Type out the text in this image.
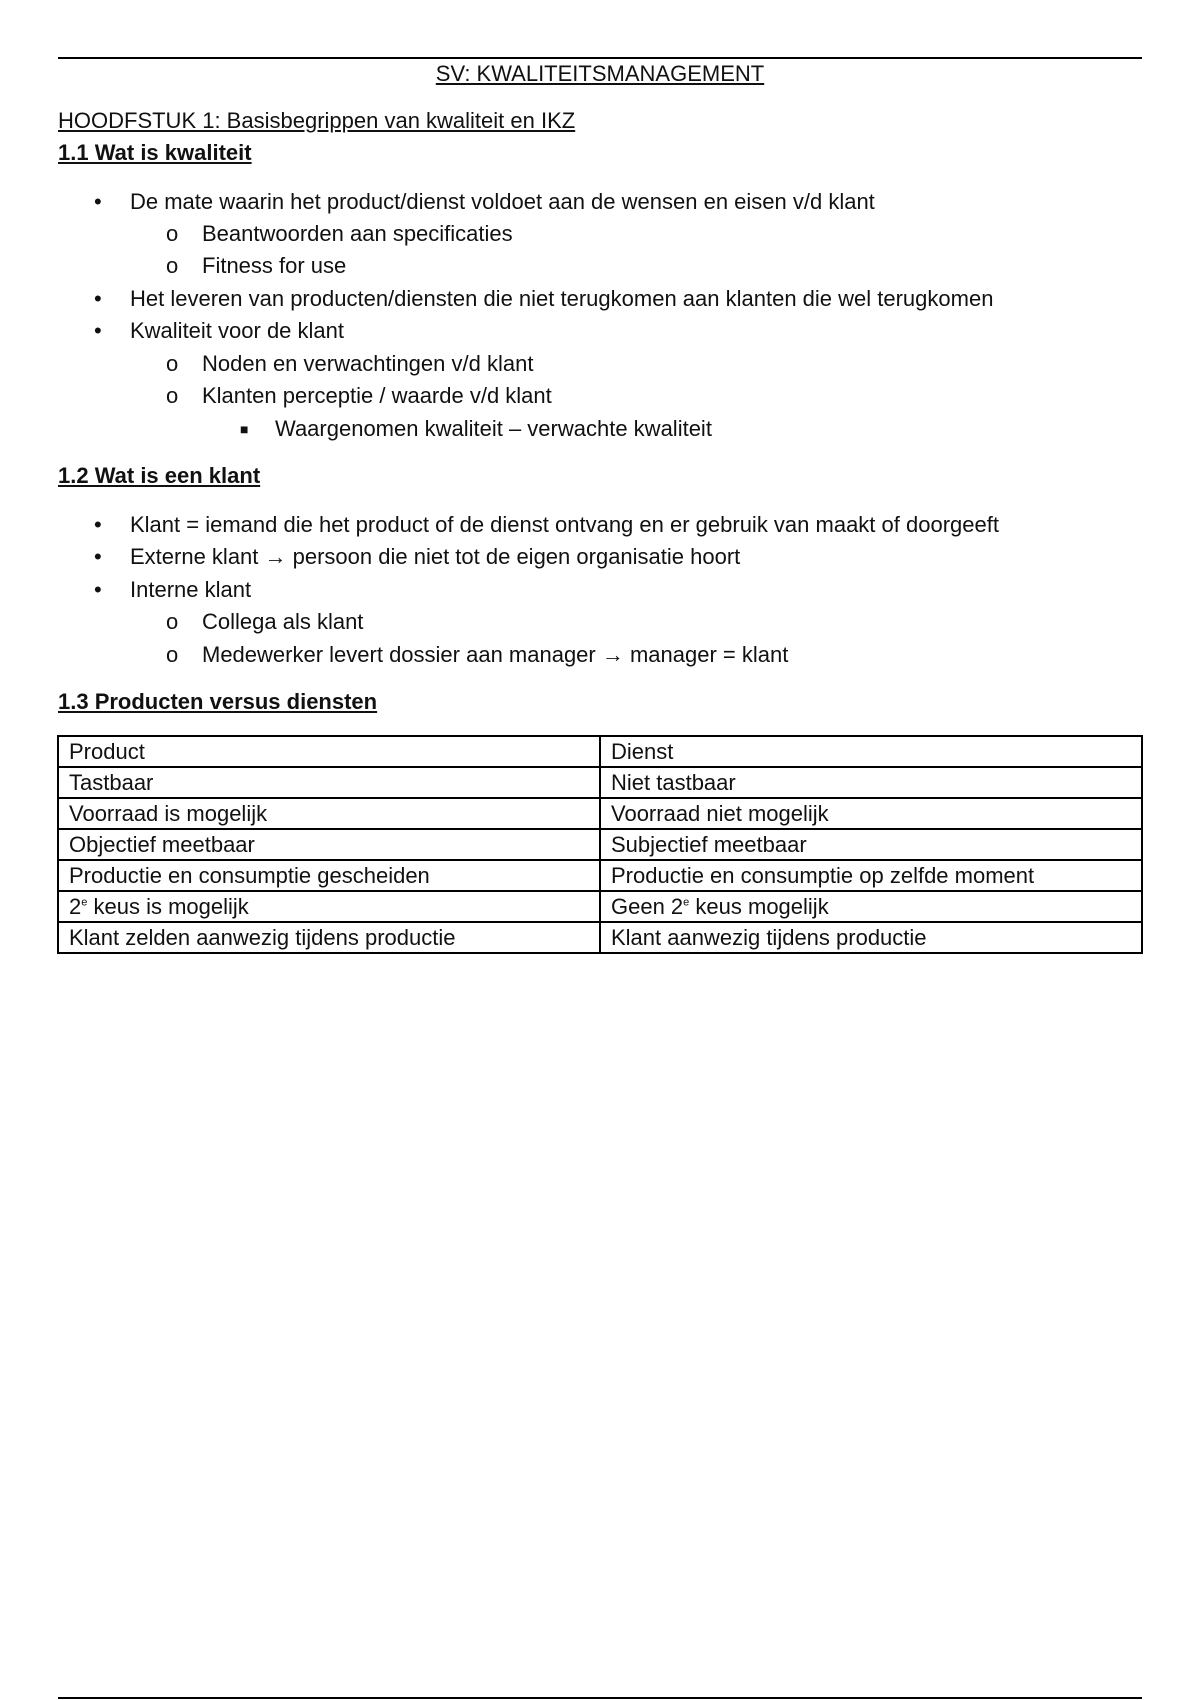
SV: KWALITEITSMANAGEMENT
HOODFSTUK 1: Basisbegrippen van kwaliteit en IKZ
1.1 Wat is kwaliteit
• De mate waarin het product/dienst voldoet aan de wensen en eisen v/d klant
o Beantwoorden aan specificaties
o Fitness for use
• Het leveren van producten/diensten die niet terugkomen aan klanten die wel terugkomen
• Kwaliteit voor de klant
o Noden en verwachtingen v/d klant
o Klanten perceptie / waarde v/d klant
■ Waargenomen kwaliteit – verwachte kwaliteit
1.2 Wat is een klant
• Klant = iemand die het product of de dienst ontvang en er gebruik van maakt of doorgeeft
• Externe klant → persoon die niet tot de eigen organisatie hoort
• Interne klant
o Collega als klant
o Medewerker levert dossier aan manager → manager = klant
1.3 Producten versus diensten
Product	Dienst
Tastbaar	Niet tastbaar
Voorraad is mogelijk	Voorraad niet mogelijk
Objectief meetbaar	Subjectief meetbaar
Productie en consumptie gescheiden	Productie en consumptie op zelfde moment
2e keus is mogelijk	Geen 2e keus mogelijk
Klant zelden aanwezig tijdens productie	Klant aanwezig tijdens productie
